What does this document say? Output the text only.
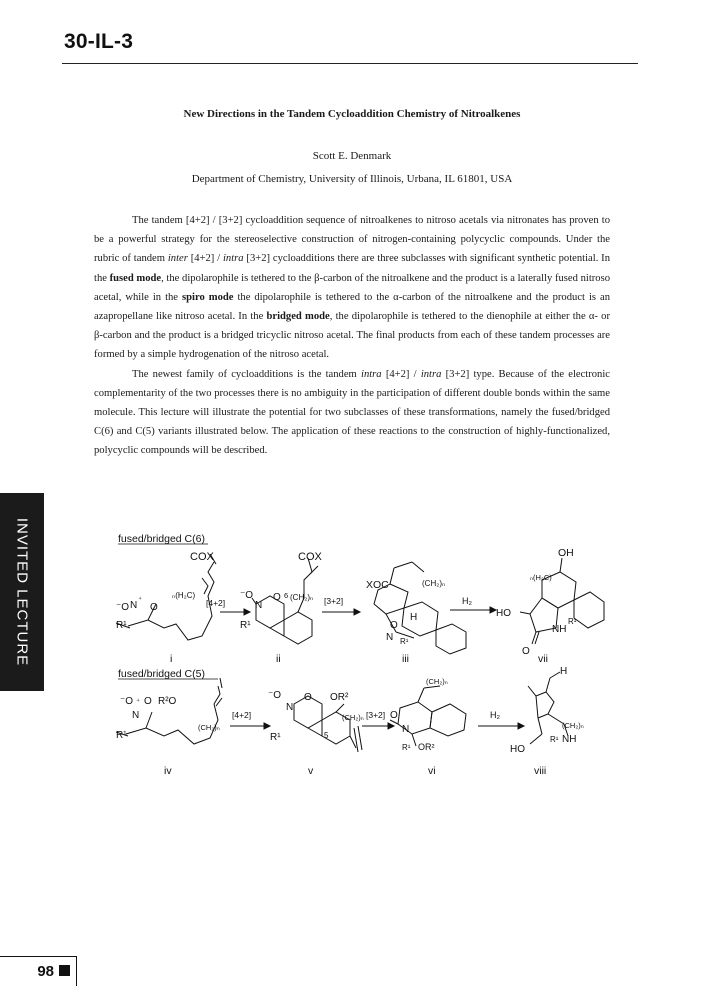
30-IL-3
New Directions in the Tandem Cycloaddition Chemistry of Nitroalkenes
Scott E. Denmark
Department of Chemistry, University of Illinois, Urbana, IL 61801, USA

The tandem [4+2] / [3+2] cycloaddition sequence of nitroalkenes to nitroso acetals via nitronates has proven to be a powerful strategy for the stereoselective construction of nitrogen-containing polycyclic compounds. Under the rubric of tandem inter [4+2] / intra [3+2] cycloadditions there are three subclasses with significant synthetic potential. In the fused mode, the dipolarophile is tethered to the β-carbon of the nitroalkene and the product is a laterally fused nitroso acetal, while in the spiro mode the dipolarophile is tethered to the α-carbon of the nitroalkene and the product is an azapropellane like nitroso acetal. In the bridged mode, the dipolarophile is tethered to the dienophile at either the α- or β-carbon and the product is a bridged tricyclic nitroso acetal. The final products from each of these tandem processes are formed by a simple hydrogenation of the nitroso acetal.

The newest family of cycloadditions is the tandem intra [4+2] / intra [3+2] type. Because of the electronic complementarity of the two processes there is no ambiguity in the participation of different double bonds within the same molecule. This lecture will illustrate the potential for two subclasses of these transformations, namely the fused/bridged C(6) and C(5) variants illustrated below. The application of these reactions to the construction of highly-functionalized, polycyclic compounds will be described.

INVITED LECTURE	fused/bridged C(6)
COX
N
⁺
⁻O O
ₙ(H₂C)
R¹
[4+2]
COX
⁻O
N
O 6 (CH₂)ₙ
R¹
[3+2]
XOC	(CH₂)ₙ
H
O
N R¹
H₂
OH
ₙ(H₂C)
HO
NH
R¹
O
i	ii	iii	vii
fused/bridged C(5)
⁻O ⁺ O
N
R²O
(CH₂)ₙ
R¹
[4+2]
⁻O
N
O OR²
(CH₂)ₙ
5
R¹
[3+2] O
(CH₂)ₙ
N
R¹ OR²
H₂
H
(CH₂)ₙ
NH
R¹
HO
iv	v	vi	viii
98
